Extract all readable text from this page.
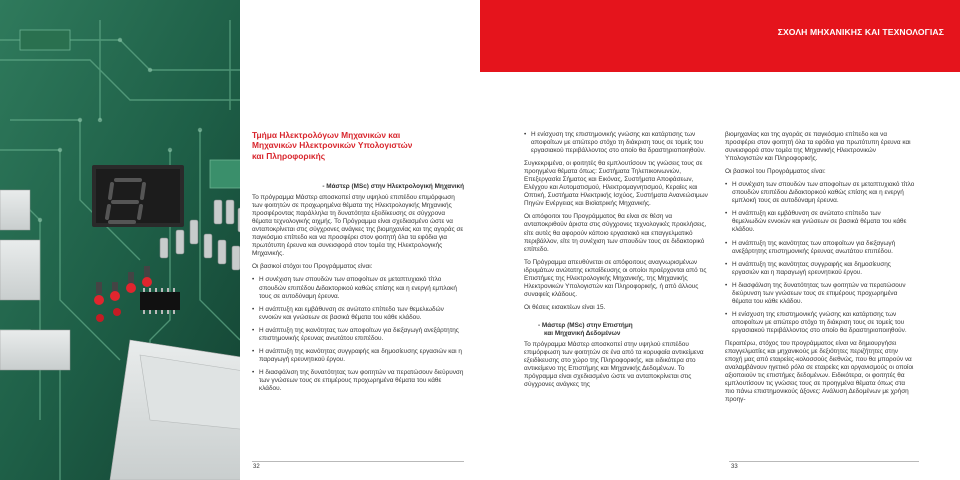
ΣΧΟΛΗ ΜΗΧΑΝΙΚΗΣ ΚΑΙ ΤΕΧΝΟΛΟΓΙΑΣ
Τμήμα Ηλεκτρολόγων Μηχανικών και
Μηχανικών Ηλεκτρονικών Υπολογιστών
και Πληροφορικής

- Μάστερ (MSc) στην Ηλεκτρολογική Μηχανική

Το πρόγραμμα Μάστερ αποσκοπεί στην υψηλού επιπέδου επιμόρφωση των φοιτητών σε προχωρημένα θέματα της Ηλεκτρολογικής Μηχανικής προσφέροντας παράλληλα τη δυνατότητα εξειδίκευσης σε σύγχρονα θέματα τεχνολογικής αιχμής. Το Πρόγραμμα είναι σχεδιασμένο ώστε να ανταποκρίνεται στις σύγχρονες ανάγκες της βιομηχανίας και της αγοράς σε παγκόσμιο επίπεδο και να προσφέρει στον φοιτητή όλα τα εφόδια για πρωτότυπη έρευνα και συνεισφορά στον τομέα της Ηλεκτρολογικής Μηχανικής.

Οι βασικοί στόχοι του Προγράμματος είναι:

• Η συνέχιση των σπουδών των αποφοίτων σε μεταπτυχιακό τίτλο σπουδών επιπέδου Διδακτορικού καθώς επίσης και η ενεργή εμπλοκή τους σε αυτοδύναμη έρευνα.
• Η ανάπτυξη και εμβάθυνση σε ανώτατο επίπεδο των θεμελιωδών εννοιών και γνώσεων σε βασικά θέματα του κάθε κλάδου.
• Η ανάπτυξη της ικανότητας των αποφοίτων για διεξαγωγή ανεξάρτητης επιστημονικής έρευνας ανωτάτου επιπέδου.
• Η ανάπτυξη της ικανότητας συγγραφής και δημοσίευσης εργασιών και η παραγωγή ερευνητικού έργου.
• Η διασφάλιση της δυνατότητας των φοιτητών να περατώσουν διεύρυνση των γνώσεων τους σε επιμέρους προχωρημένα θέματα του κάθε κλάδου.
• Η ενίσχυση της επιστημονικής γνώσης και κατάρτισης των αποφοίτων με απώτερο στόχο τη διάκριση τους σε τομείς του εργασιακού περιβάλλοντος στο οποίο θα δραστηριοποιηθούν.

Συγκεκριμένα, οι φοιτητές θα εμπλουτίσουν τις γνώσεις τους σε προηγμένα θέματα όπως: Συστήματα Τηλεπικοινωνιών, Επεξεργασία Σήματος και Εικόνας, Συστήματα Αποφάσεων, Ελέγχου και Αυτοματισμού, Ηλεκτρομαγνητισμού, Κεραίες και Οπτική, Συστήματα Ηλεκτρικής Ισχύος, Συστήματα Ανανεώσιμων Πηγών Ενέργειας και Βιοϊατρικής Μηχανικής.

Οι απόφοιτοι του Προγράμματος θα είναι σε θέση να ανταποκριθούν άριστα στις σύγχρονες τεχνολογικές προκλήσεις, είτε αυτές θα αφορούν κάποιο εργασιακό και επαγγελματικό περιβάλλον, είτε τη συνέχιση των σπουδών τους σε διδακτορικό επίπεδο.

Το Πρόγραμμα απευθύνεται σε απόφοιτους αναγνωρισμένων ιδρυμάτων ανώτατης εκπαίδευσης οι οποίοι προέρχονται από τις Επιστήμες της Ηλεκτρολογικής Μηχανικής, της Μηχανικής Ηλεκτρονικών Υπολογιστών και Πληροφορικής, ή από άλλους συναφείς κλάδους.

Οι θέσεις εισακτέων είναι 15.

- Μάστερ (MSc) στην Επιστήμη
και Μηχανική Δεδομένων

Το πρόγραμμα Μάστερ αποσκοπεί στην υψηλού επιπέδου επιμόρφωση των φοιτητών σε ένα από τα κορυφαία αντικείμενα εξειδίκευσης στο χώρο της Πληροφορικής, και ειδικότερα στο αντικείμενο της Επιστήμης και Μηχανικής Δεδομένων. Το πρόγραμμα είναι σχεδιασμένο ώστε να ανταποκρίνεται στις σύγχρονες ανάγκες της

βιομηχανίας και της αγοράς σε παγκόσμιο επίπεδο και να προσφέρει στον φοιτητή όλα τα εφόδια για πρωτότυπη έρευνα και συνεισφορά στον τομέα της Μηχανικής Ηλεκτρονικών Υπολογιστών και Πληροφορικής.

Οι βασικοί του Προγράμματος είναι:

• Η συνέχιση των σπουδών των αποφοίτων σε μεταπτυχιακό τίτλο σπουδών επιπέδου Διδακτορικού καθώς επίσης και η ενεργή εμπλοκή τους σε αυτοδύναμη έρευνα.
• Η ανάπτυξη και εμβάθυνση σε ανώτατο επίπεδο των θεμελιωδών εννοιών και γνώσεων σε βασικά θέματα του κάθε κλάδου.
• Η ανάπτυξη της ικανότητας των αποφοίτων για διεξαγωγή ανεξάρτητης επιστημονικής έρευνας ανωτάτου επιπέδου.
• Η ανάπτυξη της ικανότητας συγγραφής και δημοσίευσης εργασιών και η παραγωγή ερευνητικού έργου.
• Η διασφάλιση της δυνατότητας των φοιτητών να περατώσουν διεύρυνση των γνώσεων τους σε επιμέρους προχωρημένα θέματα του κάθε κλάδου.
• Η ενίσχυση της επιστημονικής γνώσης και κατάρτισης των αποφοίτων με απώτερο στόχο τη διάκριση τους σε τομείς του εργασιακού περιβάλλοντος στο οποίο θα δραστηριοποιηθούν.

Περαιτέρω, στόχος του προγράμματος είναι να δημιουργήσει επαγγελματίες και μηχανικούς με δεξιότητες περιζήτητες στην εποχή μας από εταιρείες-κολοσσούς διεθνώς, που θα μπορούν να αναλαμβάνουν ηγετικό ρόλο σε εταιρείες και οργανισμούς οι οποίοι αξιοποιούν τις επιστήμες δεδομένων. Ειδικότερα, οι φοιτητές θα εμπλουτίσουν τις γνώσεις τους σε προηγμένα θέματα όπως στα πιο πάνω επιστημονικούς άξονες: Ανάλυση Δεδομένων με χρήση προηγ-

32	33
